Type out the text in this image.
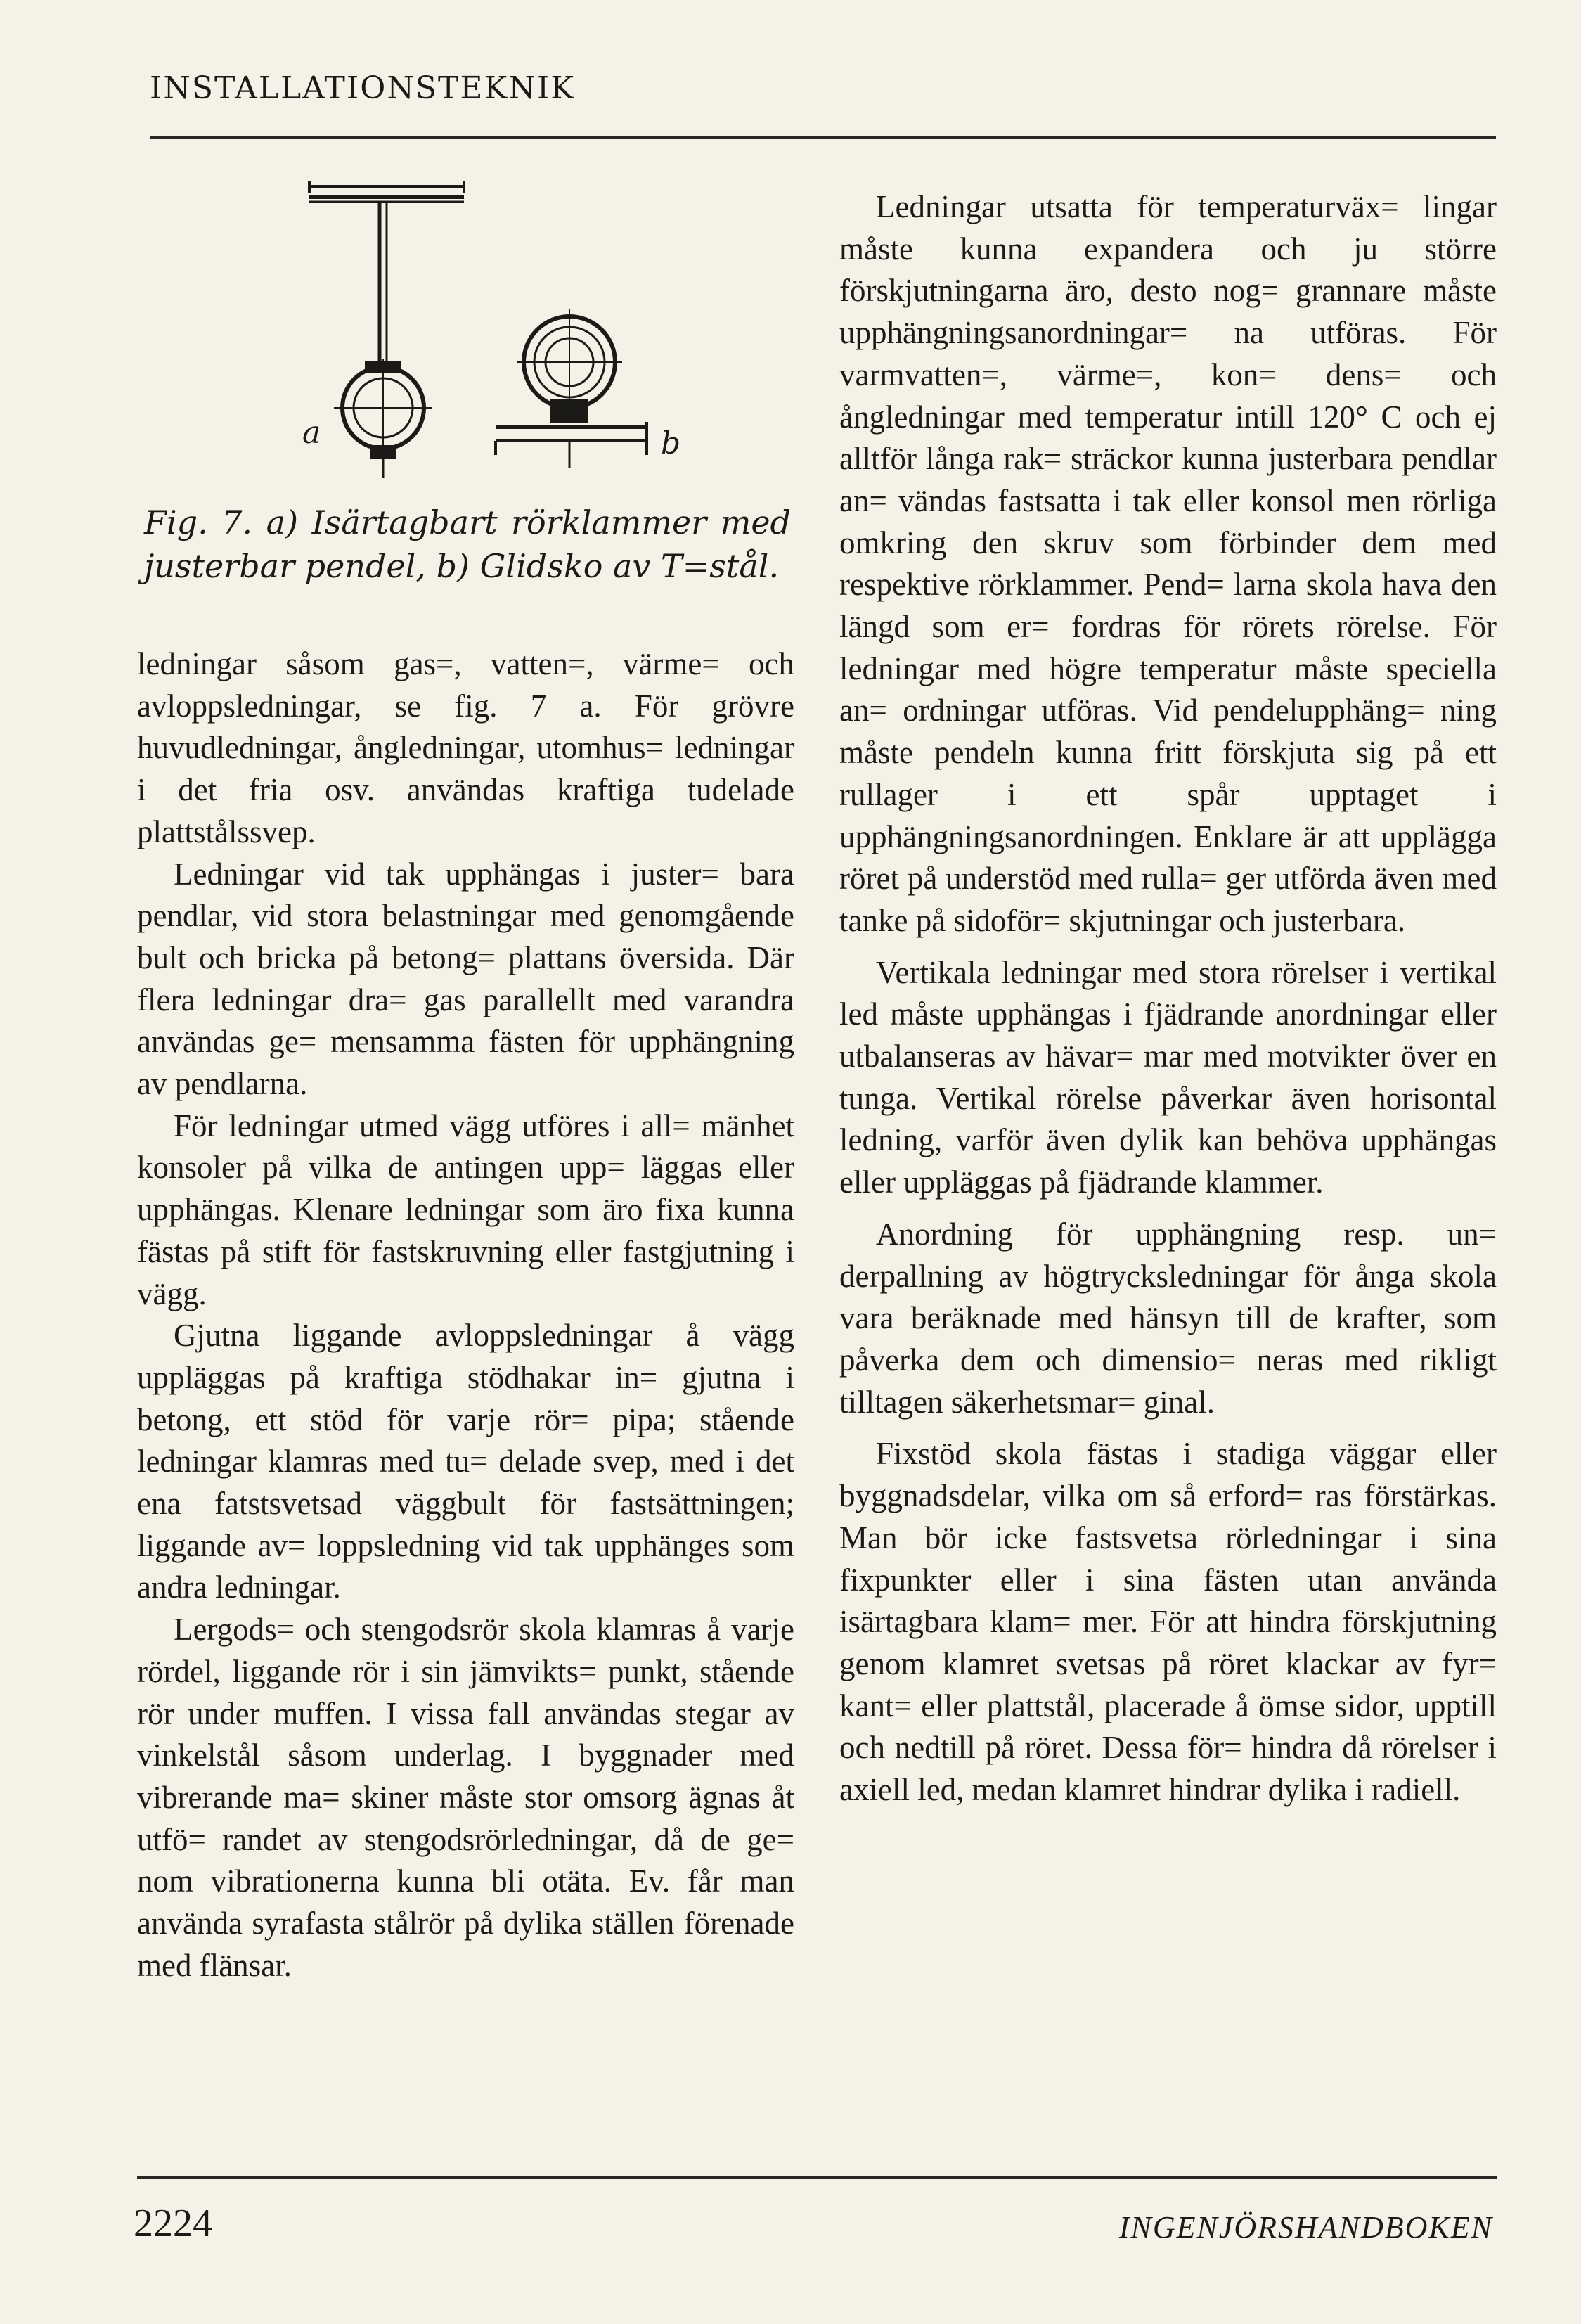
INSTALLATIONSTEKNIK
a	b
Fig. 7. a) Isärtagbart rörklammer med justerbar pendel, b) Glidsko av T=stål.

ledningar såsom gas=, vatten=, värme= och avloppsledningar, se fig. 7 a. För grövre huvudledningar, ångledningar, utomhus= ledningar i det fria osv. användas kraftiga tudelade plattstålssvep.

Ledningar vid tak upphängas i juster= bara pendlar, vid stora belastningar med genomgående bult och bricka på betong= plattans översida. Där flera ledningar dra= gas parallellt med varandra användas ge= mensamma fästen för upphängning av pendlarna.

För ledningar utmed vägg utföres i all= mänhet konsoler på vilka de antingen upp= läggas eller upphängas. Klenare ledningar som äro fixa kunna fästas på stift för fastskruvning eller fastgjutning i vägg.

Gjutna liggande avloppsledningar å vägg uppläggas på kraftiga stödhakar in= gjutna i betong, ett stöd för varje rör= pipa; stående ledningar klamras med tu= delade svep, med i det ena fatstsvetsad väggbult för fastsättningen; liggande av= loppsledning vid tak upphänges som andra ledningar.

Lergods= och stengodsrör skola klamras å varje rördel, liggande rör i sin jämvikts= punkt, stående rör under muffen. I vissa fall användas stegar av vinkelstål såsom underlag. I byggnader med vibrerande ma= skiner måste stor omsorg ägnas åt utfö= randet av stengodsrörledningar, då de ge= nom vibrationerna kunna bli otäta. Ev. får man använda syrafasta stålrör på dylika ställen förenade med flänsar.

Ledningar utsatta för temperaturväx= lingar måste kunna expandera och ju större förskjutningarna äro, desto nog= grannare måste upphängningsanordningar= na utföras. För varmvatten=, värme=, kon= dens= och ångledningar med temperatur intill 120° C och ej alltför långa rak= sträckor kunna justerbara pendlar an= vändas fastsatta i tak eller konsol men rörliga omkring den skruv som förbinder dem med respektive rörklammer. Pend= larna skola hava den längd som er= fordras för rörets rörelse. För ledningar med högre temperatur måste speciella an= ordningar utföras. Vid pendelupphäng= ning måste pendeln kunna fritt förskjuta sig på ett rullager i ett spår upptaget i upphängningsanordningen. Enklare är att upplägga röret på understöd med rulla= ger utförda även med tanke på sidoför= skjutningar och justerbara.

Vertikala ledningar med stora rörelser i vertikal led måste upphängas i fjädrande anordningar eller utbalanseras av hävar= mar med motvikter över en tunga. Vertikal rörelse påverkar även horisontal ledning, varför även dylik kan behöva upphängas eller uppläggas på fjädrande klammer.

Anordning för upphängning resp. un= derpallning av högtrycksledningar för ånga skola vara beräknade med hänsyn till de krafter, som påverka dem och dimensio= neras med rikligt tilltagen säkerhetsmar= ginal.

Fixstöd skola fästas i stadiga väggar eller byggnadsdelar, vilka om så erford= ras förstärkas. Man bör icke fastsvetsa rörledningar i sina fixpunkter eller i sina fästen utan använda isärtagbara klam= mer. För att hindra förskjutning genom klamret svetsas på röret klackar av fyr= kant= eller plattstål, placerade å ömse sidor, upptill och nedtill på röret. Dessa för= hindra då rörelser i axiell led, medan klamret hindrar dylika i radiell.

2224	INGENJÖRSHANDBOKEN
